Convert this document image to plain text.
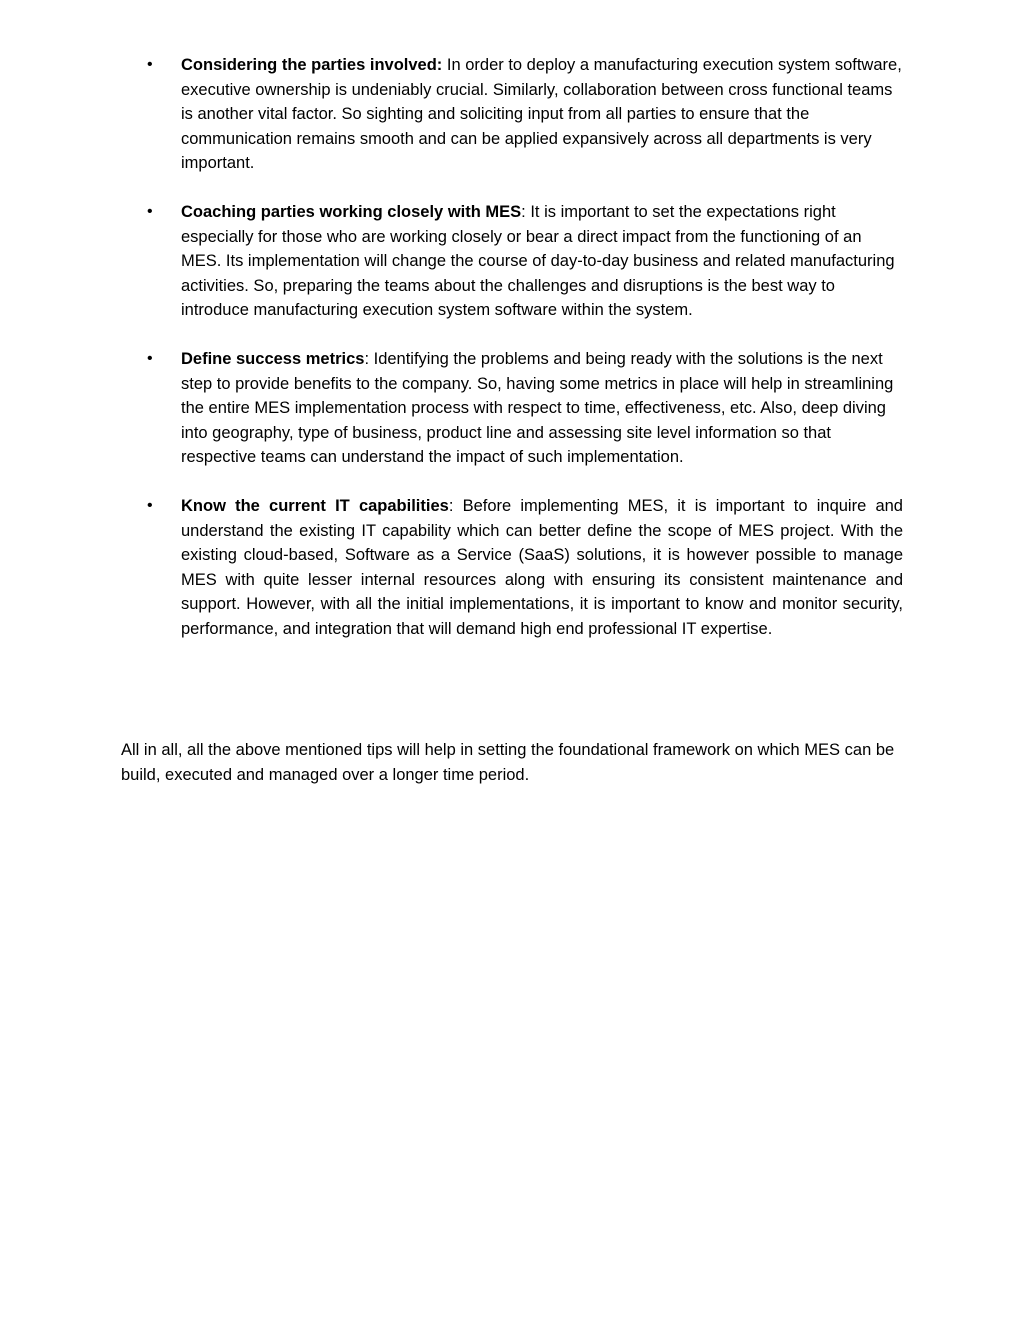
• Considering the parties involved: In order to deploy a manufacturing execution system software, executive ownership is undeniably crucial. Similarly, collaboration between cross functional teams is another vital factor. So sighting and soliciting input from all parties to ensure that the communication remains smooth and can be applied expansively across all departments is very important.
• Coaching parties working closely with MES: It is important to set the expectations right especially for those who are working closely or bear a direct impact from the functioning of an MES. Its implementation will change the course of day-to-day business and related manufacturing activities. So, preparing the teams about the challenges and disruptions is the best way to introduce manufacturing execution system software within the system.
• Define success metrics: Identifying the problems and being ready with the solutions is the next step to provide benefits to the company. So, having some metrics in place will help in streamlining the entire MES implementation process with respect to time, effectiveness, etc. Also, deep diving into geography, type of business, product line and assessing site level information so that respective teams can understand the impact of such implementation.
• Know the current IT capabilities: Before implementing MES, it is important to inquire and understand the existing IT capability which can better define the scope of MES project. With the existing cloud-based, Software as a Service (SaaS) solutions, it is however possible to manage MES with quite lesser internal resources along with ensuring its consistent maintenance and support. However, with all the initial implementations, it is important to know and monitor security, performance, and integration that will demand high end professional IT expertise.

All in all, all the above mentioned tips will help in setting the foundational framework on which MES can be build, executed and managed over a longer time period.
